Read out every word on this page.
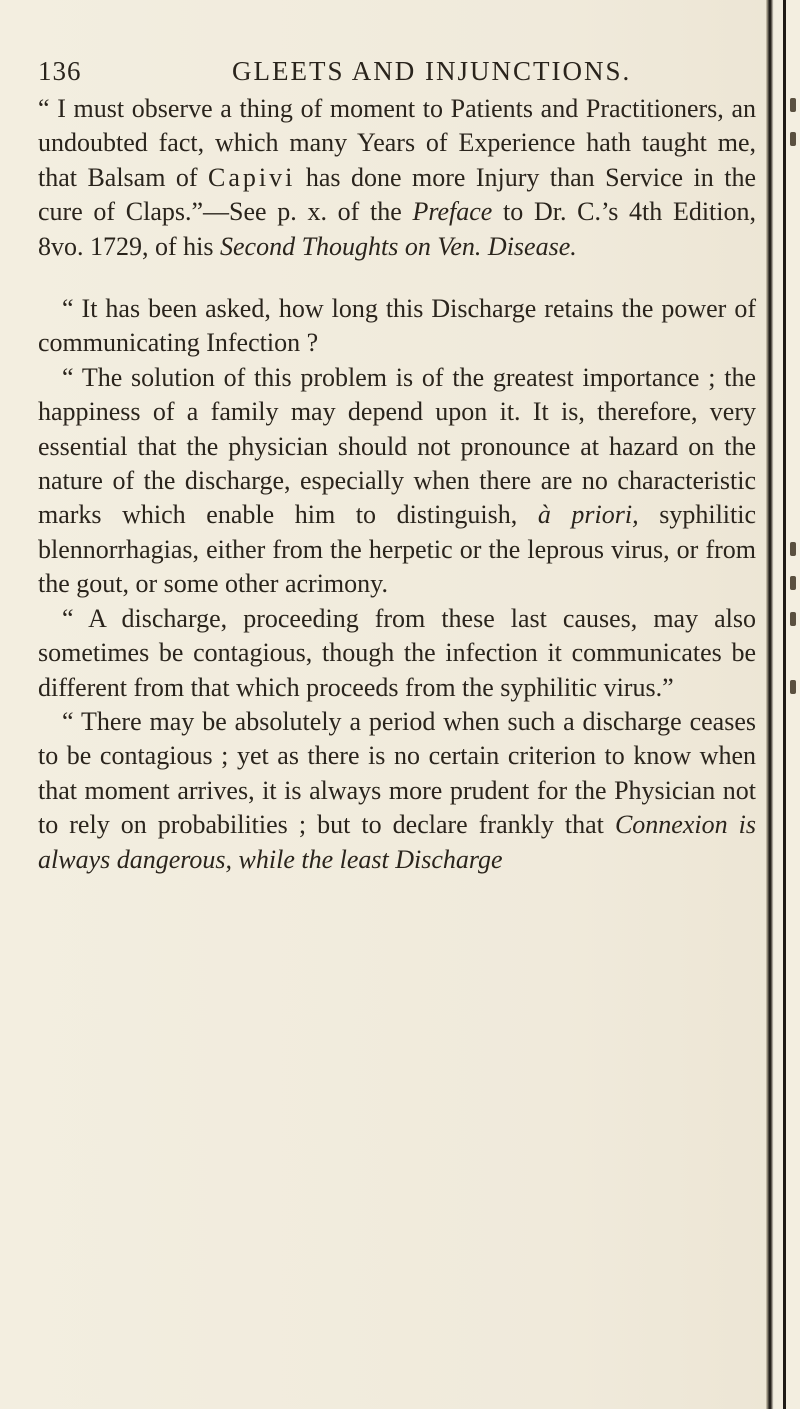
136	GLEETS AND INJUNCTIONS.

“ I must observe a thing of moment to Patients and Practitioners, an undoubted fact, which many Years of Experience hath taught me, that Balsam of Capivi has done more Injury than Service in the cure of Claps.”—See p. x. of the Preface to Dr. C.’s 4th Edition, 8vo. 1729, of his Second Thoughts on Ven. Disease.

“ It has been asked, how long this Discharge retains the power of communicating Infection ?

“ The solution of this problem is of the greatest importance ; the happiness of a family may depend upon it. It is, therefore, very essential that the physician should not pronounce at hazard on the nature of the discharge, especially when there are no characteristic marks which enable him to distinguish, à priori, syphilitic blennorrhagias, either from the herpetic or the leprous virus, or from the gout, or some other acrimony.

“ A discharge, proceeding from these last causes, may also sometimes be contagious, though the infection it communicates be different from that which proceeds from the syphilitic virus.”

“ There may be absolutely a period when such a discharge ceases to be contagious ; yet as there is no certain criterion to know when that moment arrives, it is always more prudent for the Physician not to rely on probabilities ; but to declare frankly that Connexion is always dangerous, while the least Discharge
